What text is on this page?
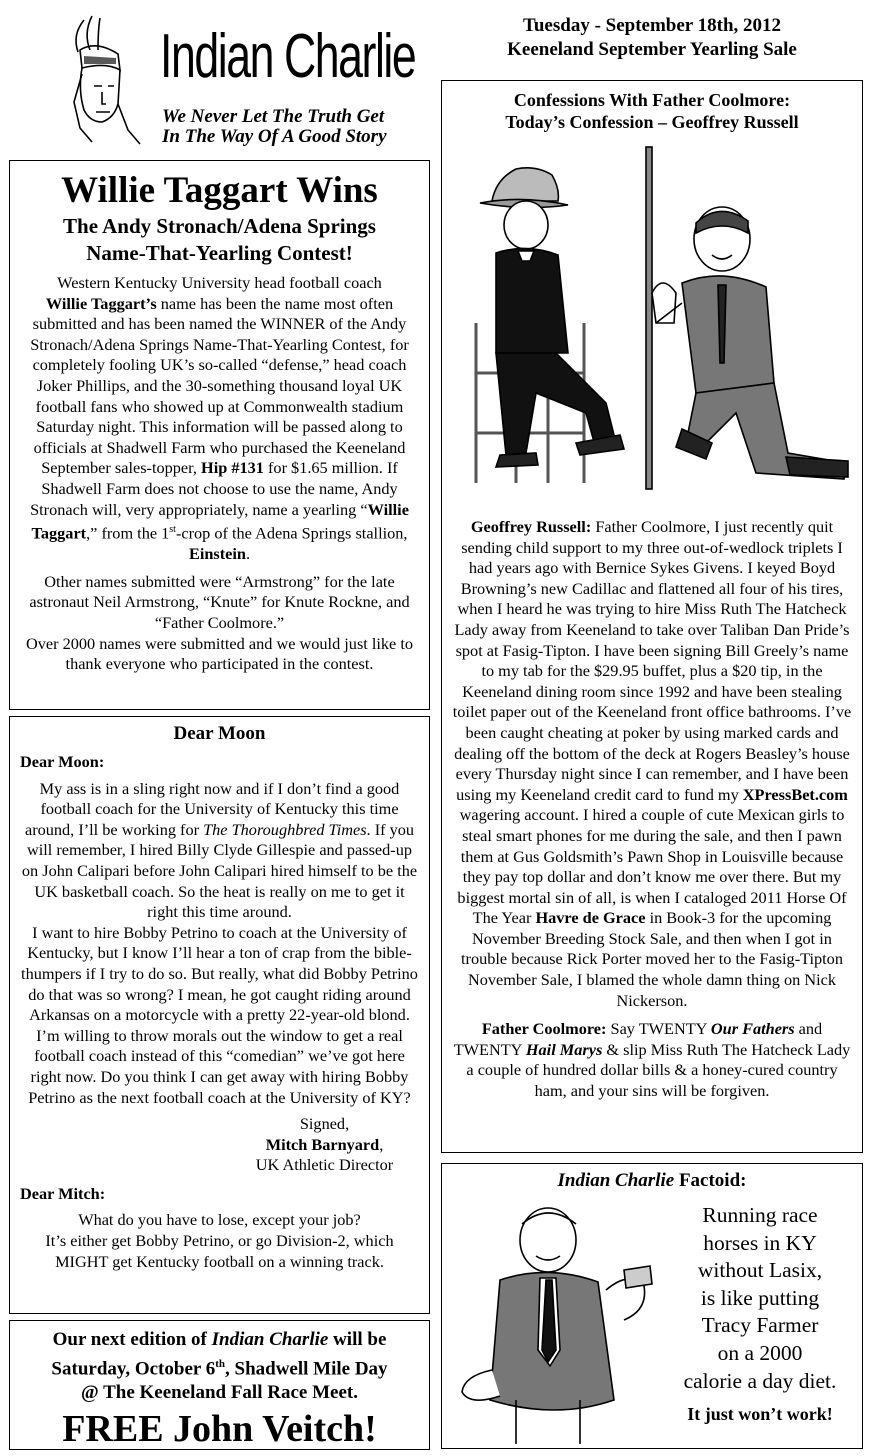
Indian Charlie
We Never Let The Truth Get
In The Way Of A Good Story
Tuesday - September 18th, 2012
Keeneland September Yearling Sale
Willie Taggart Wins
The Andy Stronach/Adena Springs
Name-That-Yearling Contest!

Western Kentucky University head football coach
Willie Taggart’s name has been the name most often submitted and has been named the WINNER of the Andy Stronach/Adena Springs Name-That-Yearling Contest, for completely fooling UK’s so-called “defense,” head coach Joker Phillips, and the 30-something thousand loyal UK football fans who showed up at Commonwealth stadium Saturday night. This information will be passed along to officials at Shadwell Farm who purchased the Keeneland September sales-topper, Hip #131 for $1.65 million. If Shadwell Farm does not choose to use the name, Andy Stronach will, very appropriately, name a yearling “Willie Taggart,” from the 1st-crop of the Adena Springs stallion, Einstein.

Other names submitted were “Armstrong” for the late astronaut Neil Armstrong, “Knute” for Knute Rockne, and “Father Coolmore.”

Over 2000 names were submitted and we would just like to thank everyone who participated in the contest.

Dear Moon

Dear Moon:

My ass is in a sling right now and if I don’t find a good football coach for the University of Kentucky this time around, I’ll be working for The Thoroughbred Times. If you will remember, I hired Billy Clyde Gillespie and passed-up on John Calipari before John Calipari hired himself to be the UK basketball coach. So the heat is really on me to get it right this time around.

I want to hire Bobby Petrino to coach at the University of Kentucky, but I know I’ll hear a ton of crap from the bible-thumpers if I try to do so. But really, what did Bobby Petrino do that was so wrong? I mean, he got caught riding around Arkansas on a motorcycle with a pretty 22-year-old blond. I’m willing to throw morals out the window to get a real football coach instead of this “comedian” we’ve got here right now. Do you think I can get away with hiring Bobby Petrino as the next football coach at the University of KY?

Signed,

Mitch Barnyard,

UK Athletic Director

Dear Mitch:

What do you have to lose, except your job?

It’s either get Bobby Petrino, or go Division-2, which MIGHT get Kentucky football on a winning track.

Our next edition of Indian Charlie will be
Saturday, October 6th, Shadwell Mile Day
@ The Keeneland Fall Race Meet.
FREE John Veitch!
Confessions With Father Coolmore:
Today’s Confession – Geoffrey Russell

Geoffrey Russell: Father Coolmore, I just recently quit sending child support to my three out-of-wedlock triplets I had years ago with Bernice Sykes Givens. I keyed Boyd Browning’s new Cadillac and flattened all four of his tires, when I heard he was trying to hire Miss Ruth The Hatcheck Lady away from Keeneland to take over Taliban Dan Pride’s spot at Fasig-Tipton. I have been signing Bill Greely’s name to my tab for the $29.95 buffet, plus a $20 tip, in the Keeneland dining room since 1992 and have been stealing toilet paper out of the Keeneland front office bathrooms. I’ve been caught cheating at poker by using marked cards and dealing off the bottom of the deck at Rogers Beasley’s house every Thursday night since I can remember, and I have been using my Keeneland credit card to fund my XPressBet.com wagering account. I hired a couple of cute Mexican girls to steal smart phones for me during the sale, and then I pawn them at Gus Goldsmith’s Pawn Shop in Louisville because they pay top dollar and don’t know me over there. But my biggest mortal sin of all, is when I cataloged 2011 Horse Of The Year Havre de Grace in Book-3 for the upcoming November Breeding Stock Sale, and then when I got in trouble because Rick Porter moved her to the Fasig-Tipton November Sale, I blamed the whole damn thing on Nick Nickerson.

Father Coolmore: Say TWENTY Our Fathers and TWENTY Hail Marys & slip Miss Ruth The Hatcheck Lady a couple of hundred dollar bills & a honey-cured country ham, and your sins will be forgiven.

Indian Charlie Factoid:
Running race
horses in KY
without Lasix,
is like putting
Tracy Farmer
on a 2000
calorie a day diet.
It just won’t work!
